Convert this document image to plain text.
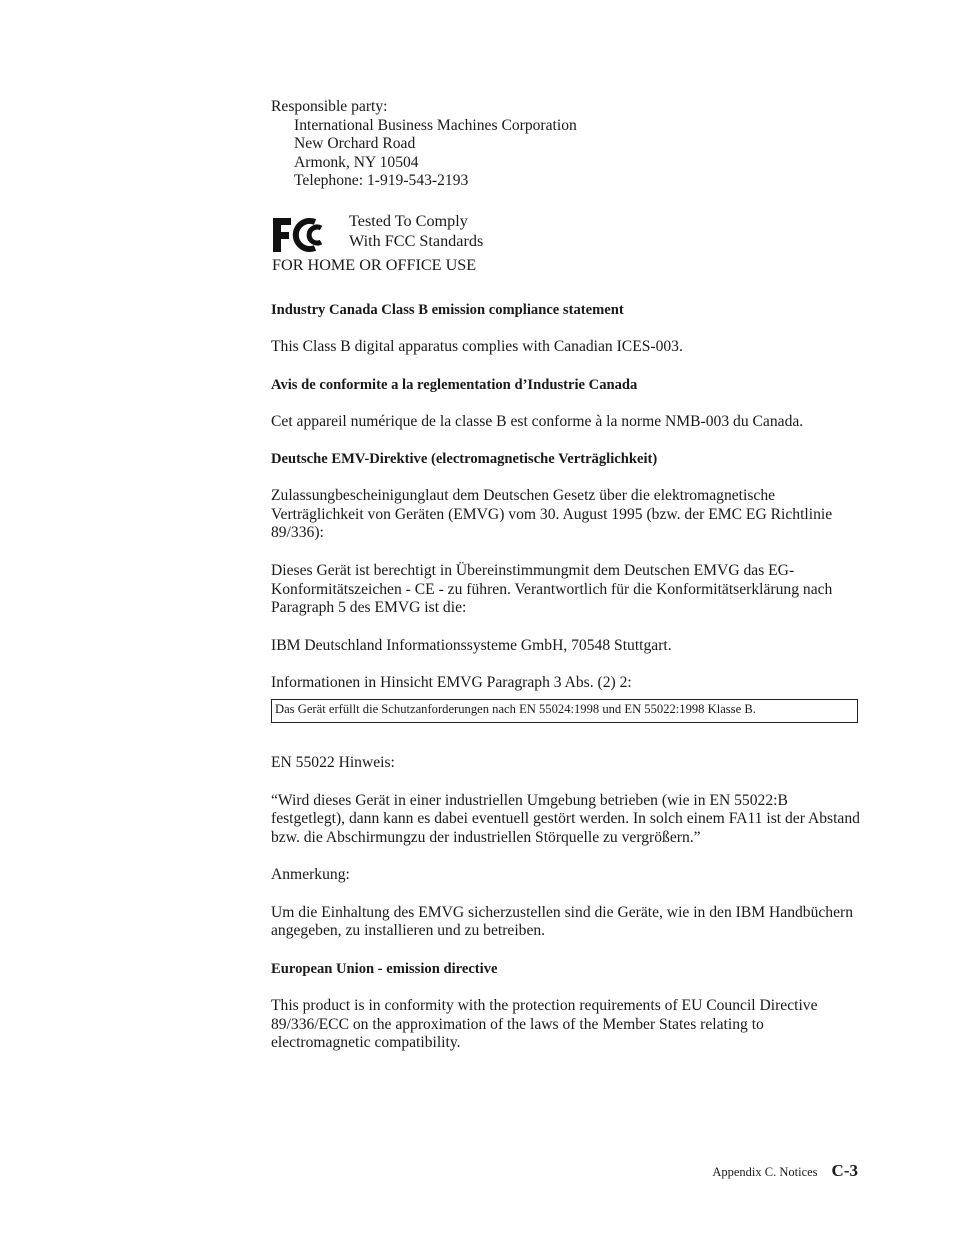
Responsible party:

International Business Machines Corporation

New Orchard Road

Armonk, NY 10504

Telephone: 1-919-543-2193

Tested To Comply
With FCC Standards
FOR HOME OR OFFICE USE
Industry Canada Class B emission compliance statement

This Class B digital apparatus complies with Canadian ICES-003.

Avis de conformite a la reglementation d’Industrie Canada

Cet appareil numérique de la classe B est conforme à la norme NMB-003 du Canada.

Deutsche EMV-Direktive (electromagnetische Verträglichkeit)

Zulassungbescheinigunglaut dem Deutschen Gesetz über die elektromagnetische Verträglichkeit von Geräten (EMVG) vom 30. August 1995 (bzw. der EMC EG Richtlinie 89/336):

Dieses Gerät ist berechtigt in Übereinstimmungmit dem Deutschen EMVG das EG-Konformitätszeichen - CE - zu führen. Verantwortlich für die Konformitätserklärung nach Paragraph 5 des EMVG ist die:

IBM Deutschland Informationssysteme GmbH, 70548 Stuttgart.

Informationen in Hinsicht EMVG Paragraph 3 Abs. (2) 2:

Das Gerät erfüllt die Schutzanforderungen nach EN 55024:1998 und EN 55022:1998 Klasse B.

EN 55022 Hinweis:

“Wird dieses Gerät in einer industriellen Umgebung betrieben (wie in EN 55022:B festgetlegt), dann kann es dabei eventuell gestört werden. In solch einem FA11 ist der Abstand bzw. die Abschirmungzu der industriellen Störquelle zu vergrößern.”

Anmerkung:

Um die Einhaltung des EMVG sicherzustellen sind die Geräte, wie in den IBM Handbüchern angegeben, zu installieren und zu betreiben.

European Union - emission directive

This product is in conformity with the protection requirements of EU Council Directive 89/336/ECC on the approximation of the laws of the Member States relating to electromagnetic compatibility.

Appendix C. Notices C-3
